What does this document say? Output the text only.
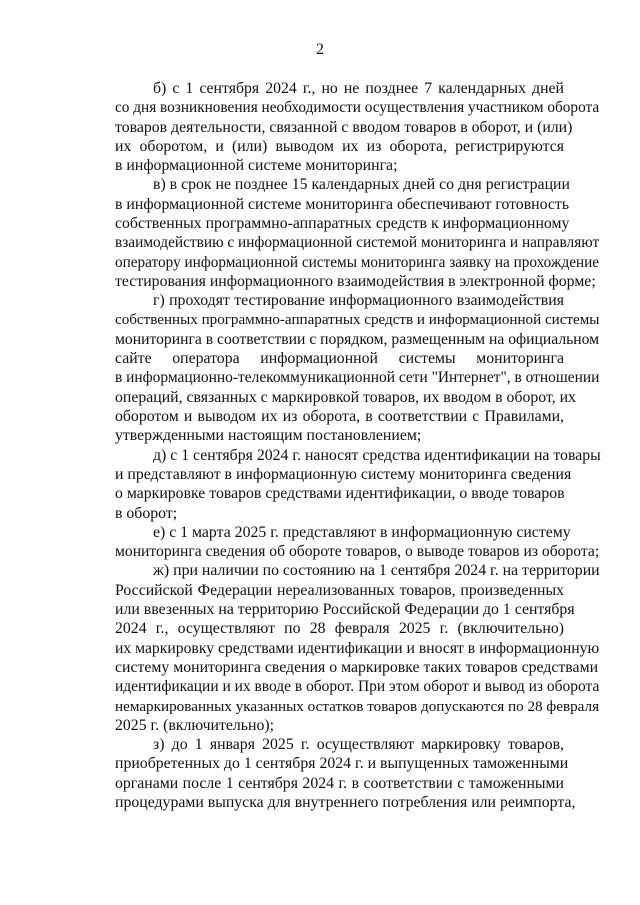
2
б) с 1 сентября 2024 г., но не позднее 7 календарных дней
со дня возникновения необходимости осуществления участником оборота
товаров деятельности, связанной с вводом товаров в оборот, и (или)
их оборотом, и (или) выводом их из оборота, регистрируются
в информационной системе мониторинга;
в) в срок не позднее 15 календарных дней со дня регистрации
в информационной системе мониторинга обеспечивают готовность
собственных программно-аппаратных средств к информационному
взаимодействию с информационной системой мониторинга и направляют
оператору информационной системы мониторинга заявку на прохождение
тестирования информационного взаимодействия в электронной форме;
г) проходят тестирование информационного взаимодействия
собственных программно-аппаратных средств и информационной системы
мониторинга в соответствии с порядком, размещенным на официальном
сайте оператора информационной системы мониторинга
в информационно-телекоммуникационной сети "Интернет", в отношении
операций, связанных с маркировкой товаров, их вводом в оборот, их
оборотом и выводом их из оборота, в соответствии с Правилами,
утвержденными настоящим постановлением;
д) с 1 сентября 2024 г. наносят средства идентификации на товары
и представляют в информационную систему мониторинга сведения
о маркировке товаров средствами идентификации, о вводе товаров
в оборот;
е) с 1 марта 2025 г. представляют в информационную систему
мониторинга сведения об обороте товаров, о выводе товаров из оборота;
ж) при наличии по состоянию на 1 сентября 2024 г. на территории
Российской Федерации нереализованных товаров, произведенных
или ввезенных на территорию Российской Федерации до 1 сентября
2024 г., осуществляют по 28 февраля 2025 г. (включительно)
их маркировку средствами идентификации и вносят в информационную
систему мониторинга сведения о маркировке таких товаров средствами
идентификации и их вводе в оборот. При этом оборот и вывод из оборота
немаркированных указанных остатков товаров допускаются по 28 февраля
2025 г. (включительно);
з) до 1 января 2025 г. осуществляют маркировку товаров,
приобретенных до 1 сентября 2024 г. и выпущенных таможенными
органами после 1 сентября 2024 г. в соответствии с таможенными
процедурами выпуска для внутреннего потребления или реимпорта,
